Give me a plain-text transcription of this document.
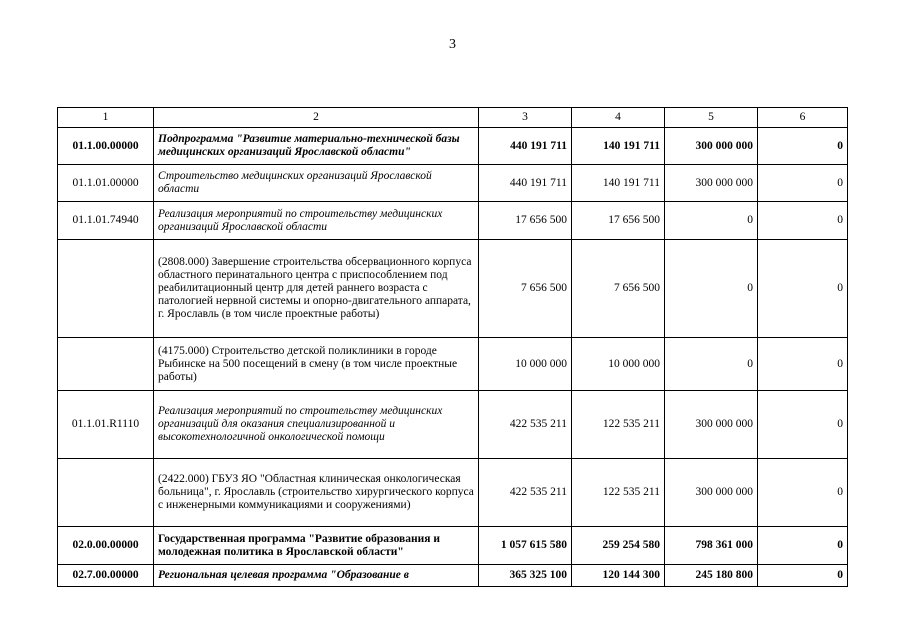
3
1	2	3	4	5	6
01.1.00.00000	Подпрограмма "Развитие материально-технической базы медицинских организаций Ярославской области"	440 191 711	140 191 711	300 000 000	0
01.1.01.00000	Строительство медицинских организаций Ярославской области	440 191 711	140 191 711	300 000 000	0
01.1.01.74940	Реализация мероприятий по строительству медицинских организаций Ярославской области	17 656 500	17 656 500	0	0
	(2808.000) Завершение строительства обсервационного корпуса областного перинатального центра с приспособлением под реабилитационный центр для детей раннего возраста с патологией нервной системы и опорно-двигательного аппарата, г. Ярославль (в том числе проектные работы)	7 656 500	7 656 500	0	0
	(4175.000) Строительство детской поликлиники в городе Рыбинске на 500 посещений в смену (в том числе проектные работы)	10 000 000	10 000 000	0	0
01.1.01.R1110	Реализация мероприятий по строительству медицинских организаций для оказания специализированной и высокотехнологичной онкологической помощи	422 535 211	122 535 211	300 000 000	0
	(2422.000) ГБУЗ ЯО "Областная клиническая онкологическая больница", г. Ярославль (строительство хирургического корпуса с инженерными коммуникациями и сооружениями)	422 535 211	122 535 211	300 000 000	0
02.0.00.00000	Государственная программа "Развитие образования и молодежная политика в Ярославской области"	1 057 615 580	259 254 580	798 361 000	0
02.7.00.00000	Региональная целевая программа "Образование в	365 325 100	120 144 300	245 180 800	0
